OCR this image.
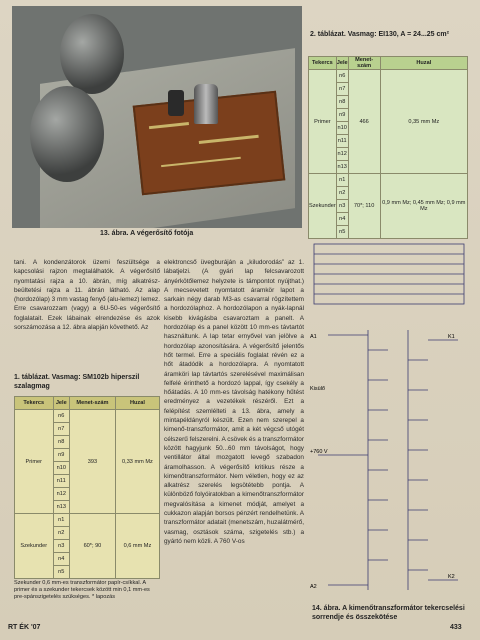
13. ábra. A végerősítő fotója

tani. A kondenzátorok üzemi feszültsége a kapcsolási rajzon megtalálhatók. A végerősítő nyomtatási rajza a 10. ábrán, míg alkatrész-beültetési rajza a 11. ábrán látható. Az alap (hordozólap) 3 mm vastag fenyő (alu-lemez) lemez. Erre csavarozzam (vagy) a 6U-50-es végerősítő foglalatait. Ezek lábainak elrendezése és azok sorszámozása a 12. ábra alapján követhető. Az

1. táblázat. Vasmag: SM102b hiperszil szalagmag
Tekercs	Jele	Menet-szám	Huzal
Primer	n6	393	0,33 mm Mz
	n7		
	n8		
	n9		
	n10		
	n11		
	n12		
	n13		
Szekunder	n1	60*; 90	0,6 mm Mz
	n2		
	n3		
	n4		
	n5		
Szekunder 0,6 mm-es transzformátor papír-csíkkal. A primer és a szekunder tekercsek között min 0,1 mm-es pre-spánszigetelés szükséges. * lapozás

elektroncső üvegburáján a „kiludorodás” az 1. lábatjelzi. (A gyári lap felcsavarozott ányérkötőlemez helyzete is támpontot nyújthat.) A mecsevetett nyomtatott áramkör lapot a sarkain négy darab M3-as csavarral rögzítettem a hordozólaphoz. A hordozólapon a nyák-lapnál kisebb kivágásba csavaroztam a panelt. A hordozólap és a panel között 10 mm-es távtartót használtunk. A lap tetar ernyővel van jelölve a hordozólap azonosítására. A végerősítő jelentős hőt termel. Erre a speciális foglalat révén ez a hőt átadódik a hordozólapra. A nyomtatott áramköri lap távtartós szerelésével maximálisan felfelé érinthető a hordozó lappal, így csekély a hőátadás. A 10 mm-es távolság hatékony hűtést eredményez a vezetékek részéről. Ezt a felépítést szemlélteti a 13. ábra, amely a mintapéldányról készült. Ezen nem szerepel a kimenő-transzformátor, amit a két végcső utógét célszerű felszerelni. A csövek és a transzformátor között hagyjunk 50...60 mm távolságot, hogy ventillátor által mozgatott levegő szabadon áramolhasson. A végerősítő kritikus része a kimenőtranszformátor. Nem véletlen, hogy ez az alkatrész szerelés legsötétebb pontja. A különböző folyóiratokban a kimenőtranszformátor megvalósítása a kimenet módját, amelyet a cukkazon alapján borsos pénzért rendelhetünk. A transzformátor adatait (menetszám, huzalátmérő, vasmag, osztások száma, szigetelés stb.) a gyártó nem közli. A 760 V-os

2. táblázat. Vasmag: EI130, A = 24...25 cm²
Tekercs	Jele	Menet-szám	Huzal
Primer	n6	466	0,35 mm Mz
	n7		
	n8		
	n9		
	n10		
	n11		
	n12		
	n13		
Szekunder	n1	70*; 110	0,9 mm Mz; 0,45 mm Mz; 0,9 mm Mz
	n2		
	n3		
	n4		
	n5		
A1
A2
Kisülő
+760 V
K1
K2
14. ábra. A kimenőtranszformátor tekercselési sorrendje és összekötése
RT ÉK '07	433
